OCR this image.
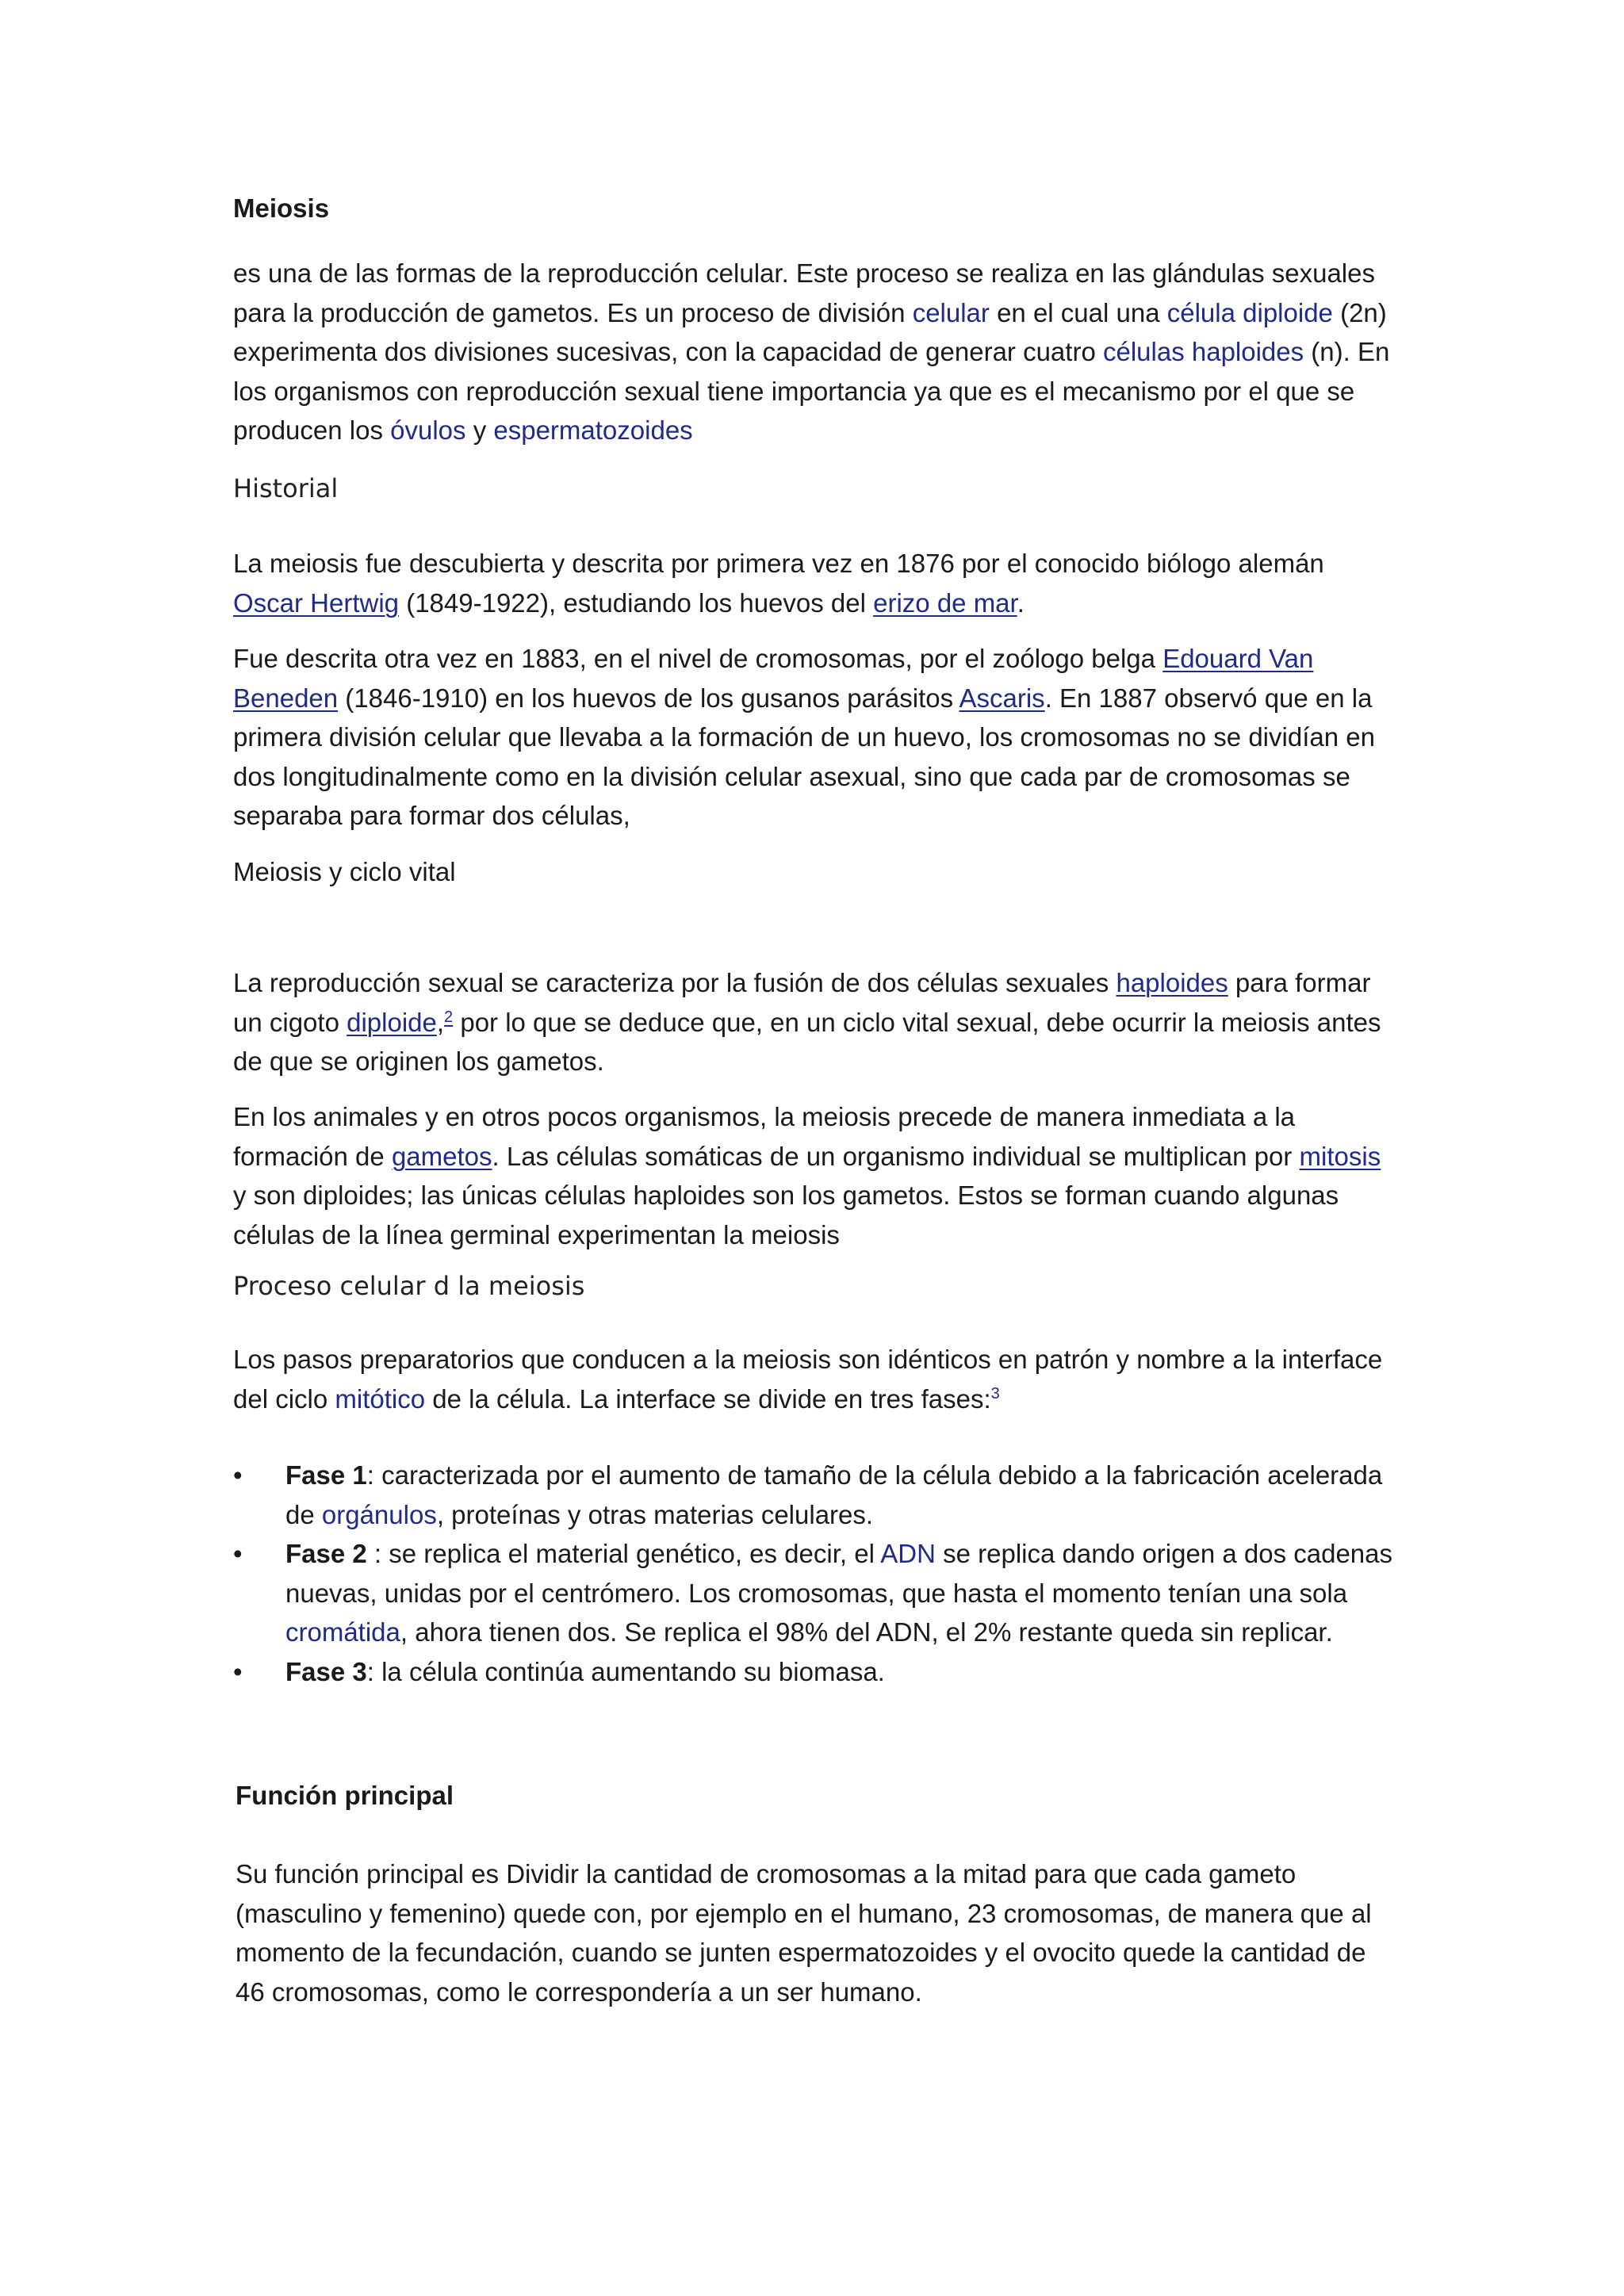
Meiosis

es una de las formas de la reproducción celular. Este proceso se realiza en las glándulas sexuales para la producción de gametos. Es un proceso de división celular en el cual una célula diploide (2n) experimenta dos divisiones sucesivas, con la capacidad de generar cuatro células haploides (n). En los organismos con reproducción sexual tiene importancia ya que es el mecanismo por el que se producen los óvulos y espermatozoides

Historial

La meiosis fue descubierta y descrita por primera vez en 1876 por el conocido biólogo alemán Oscar Hertwig (1849-1922), estudiando los huevos del erizo de mar.

Fue descrita otra vez en 1883, en el nivel de cromosomas, por el zoólogo belga Edouard Van Beneden (1846-1910) en los huevos de los gusanos parásitos Ascaris. En 1887 observó que en la primera división celular que llevaba a la formación de un huevo, los cromosomas no se dividían en dos longitudinalmente como en la división celular asexual, sino que cada par de cromosomas se separaba para formar dos células,

Meiosis y ciclo vital

La reproducción sexual se caracteriza por la fusión de dos células sexuales haploides para formar un cigoto diploide,$^2$ por lo que se deduce que, en un ciclo vital sexual, debe ocurrir la meiosis antes de que se originen los gametos.

En los animales y en otros pocos organismos, la meiosis precede de manera inmediata a la formación de gametos. Las células somáticas de un organismo individual se multiplican por mitosis y son diploides; las únicas células haploides son los gametos. Estos se forman cuando algunas células de la línea germinal experimentan la meiosis

Proceso celular d la meiosis

Los pasos preparatorios que conducen a la meiosis son idénticos en patrón y nombre a la interface del ciclo mitótico de la célula. La interface se divide en tres fases:$^3$

• Fase 1: caracterizada por el aumento de tamaño de la célula debido a la fabricación acelerada de orgánulos, proteínas y otras materias celulares.
• Fase 2 : se replica el material genético, es decir, el ADN se replica dando origen a dos cadenas nuevas, unidas por el centrómero. Los cromosomas, que hasta el momento tenían una sola cromátida, ahora tienen dos. Se replica el 98% del ADN, el 2% restante queda sin replicar.
• Fase 3: la célula continúa aumentando su biomasa.
Función principal

Su función principal es Dividir la cantidad de cromosomas a la mitad para que cada gameto (masculino y femenino) quede con, por ejemplo en el humano, 23 cromosomas, de manera que al momento de la fecundación, cuando se junten espermatozoides y el ovocito quede la cantidad de 46 cromosomas, como le correspondería a un ser humano.
